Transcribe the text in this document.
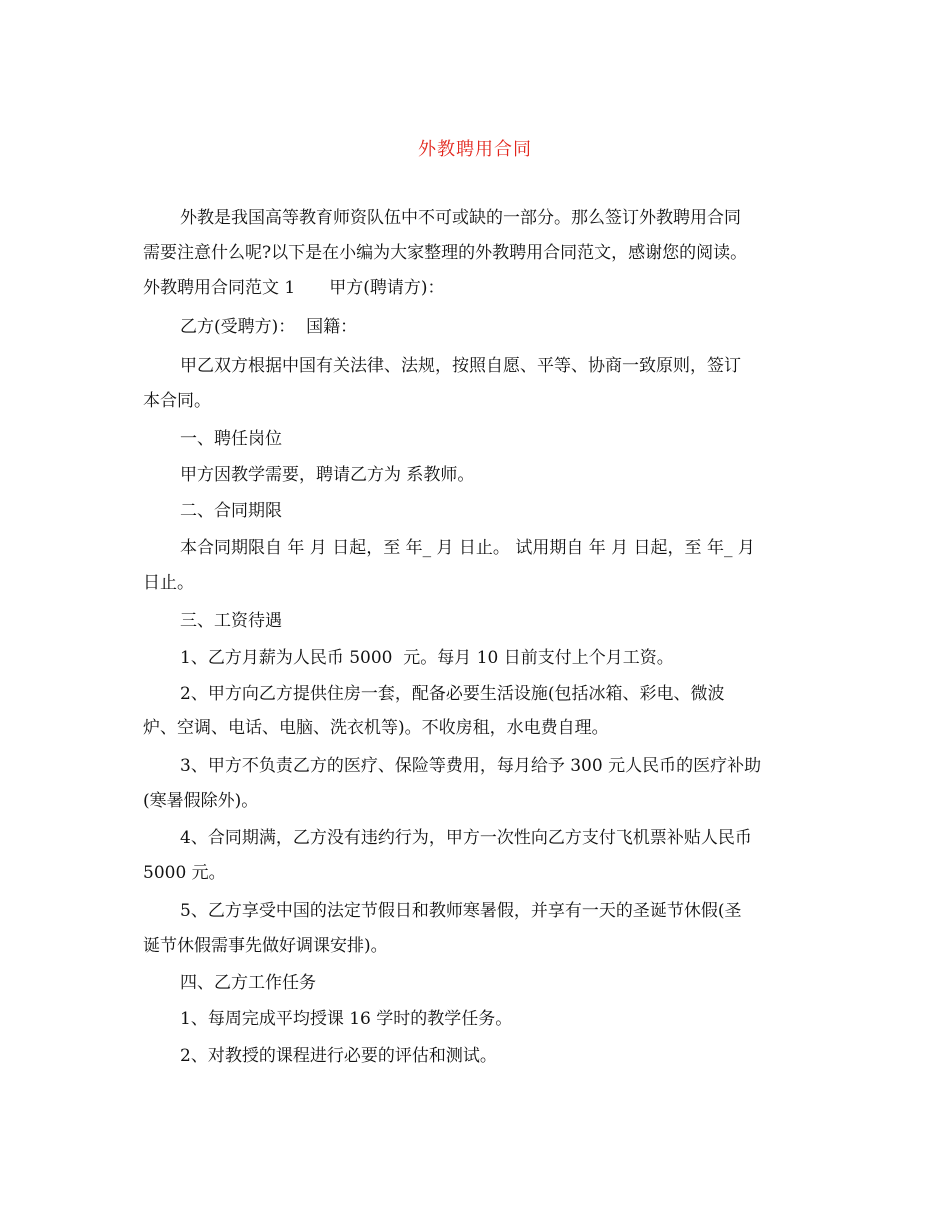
外教聘用合同
外教是我国高等教育师资队伍中不可或缺的一部分。那么签订外教聘用合同
需要注意什么呢?以下是在小编为大家整理的外教聘用合同范文，感谢您的阅读。
外教聘用合同范文 1　　甲方(聘请方)：
乙方(受聘方)：  国籍：
甲乙双方根据中国有关法律、法规，按照自愿、平等、协商一致原则，签订
本合同。
一、聘任岗位
甲方因教学需要，聘请乙方为 系教师。
二、合同期限
本合同期限自 年 月 日起，至 年_ 月 日止。 试用期自 年 月 日起，至 年_ 月
日止。
三、工资待遇
1、乙方月薪为人民币 5000  元。每月 10 日前支付上个月工资。
2、甲方向乙方提供住房一套，配备必要生活设施(包括冰箱、彩电、微波
炉、空调、电话、电脑、洗衣机等)。不收房租，水电费自理。
3、甲方不负责乙方的医疗、保险等费用，每月给予 300 元人民币的医疗补助
(寒暑假除外)。
4、合同期满，乙方没有违约行为，甲方一次性向乙方支付飞机票补贴人民币
5000 元。
5、乙方享受中国的法定节假日和教师寒暑假，并享有一天的圣诞节休假(圣
诞节休假需事先做好调课安排)。
四、乙方工作任务
1、每周完成平均授课 16 学时的教学任务。
2、对教授的课程进行必要的评估和测试。
